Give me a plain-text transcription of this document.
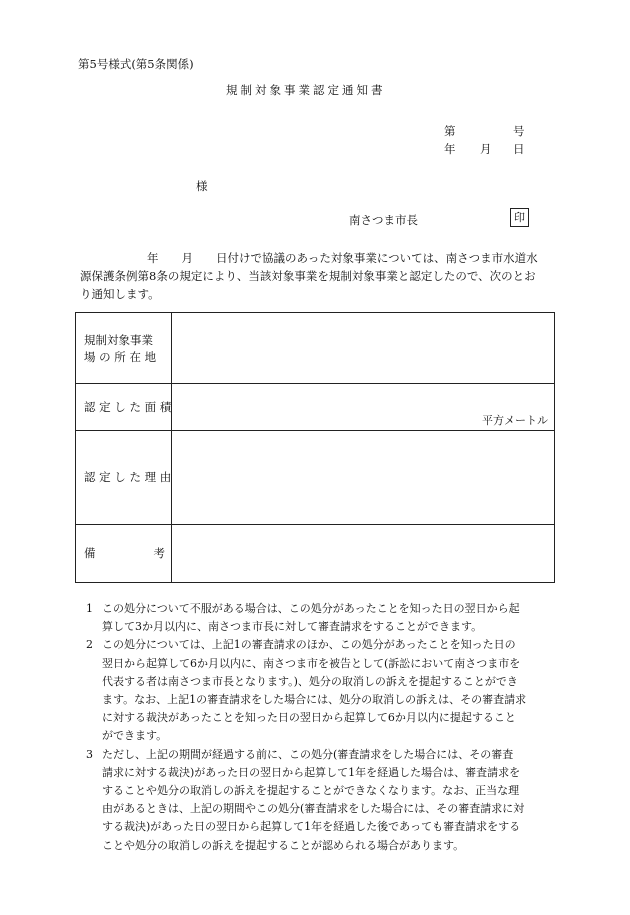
第5号様式(第5条関係)
規制対象事業認定通知書
第	号
年 月 日
様
南さつま市長	印
年　　月　　日付けで協議のあった対象事業については、南さつま市水道水
源保護条例第8条の規定により、当該対象事業を規制対象事業と認定したので、次のとお
り通知します。
規制対象事業
場 の 所 在 地	

認 定 し た 面 積	平方メートル

認 定 し た 理 由	

備 考	

1 この処分について不服がある場合は、この処分があったことを知った日の翌日から起
算して3か月以内に、南さつま市長に対して審査請求をすることができます。
2 この処分については、上記1の審査請求のほか、この処分があったことを知った日の
翌日から起算して6か月以内に、南さつま市を被告として(訴訟において南さつま市を
代表する者は南さつま市長となります。)、処分の取消しの訴えを提起することができ
ます。なお、上記1の審査請求をした場合には、処分の取消しの訴えは、その審査請求
に対する裁決があったことを知った日の翌日から起算して6か月以内に提起すること
ができます。
3 ただし、上記の期間が経過する前に、この処分(審査請求をした場合には、その審査
請求に対する裁決)があった日の翌日から起算して1年を経過した場合は、審査請求を
することや処分の取消しの訴えを提起することができなくなります。なお、正当な理
由があるときは、上記の期間やこの処分(審査請求をした場合には、その審査請求に対
する裁決)があった日の翌日から起算して1年を経過した後であっても審査請求をする
ことや処分の取消しの訴えを提起することが認められる場合があります。
